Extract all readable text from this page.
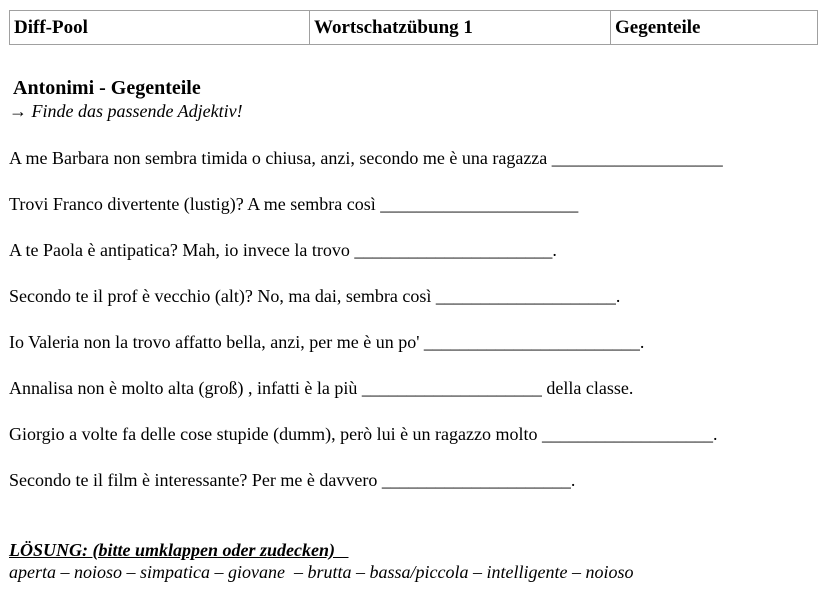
Diff-Pool	Wortschatzübung 1	Gegenteile
Antonimi - Gegenteile
→ Finde das passende Adjektiv!
A me Barbara non sembra timida o chiusa, anzi, secondo me è una ragazza ___________________
Trovi Franco divertente (lustig)? A me sembra così ______________________
A te Paola è antipatica? Mah, io invece la trovo ______________________.
Secondo te il prof è vecchio (alt)? No, ma dai, sembra così ____________________.
Io Valeria non la trovo affatto bella, anzi, per me è un po' ________________________.
Annalisa non è molto alta (groß) , infatti è la più ____________________ della classe.
Giorgio a volte fa delle cose stupide (dumm), però lui è un ragazzo molto ___________________.
Secondo te il film è interessante? Per me è davvero _____________________.
LÖSUNG: (bitte umklappen oder zudecken)
aperta – noioso – simpatica – giovane  – brutta – bassa/piccola – intelligente – noioso
